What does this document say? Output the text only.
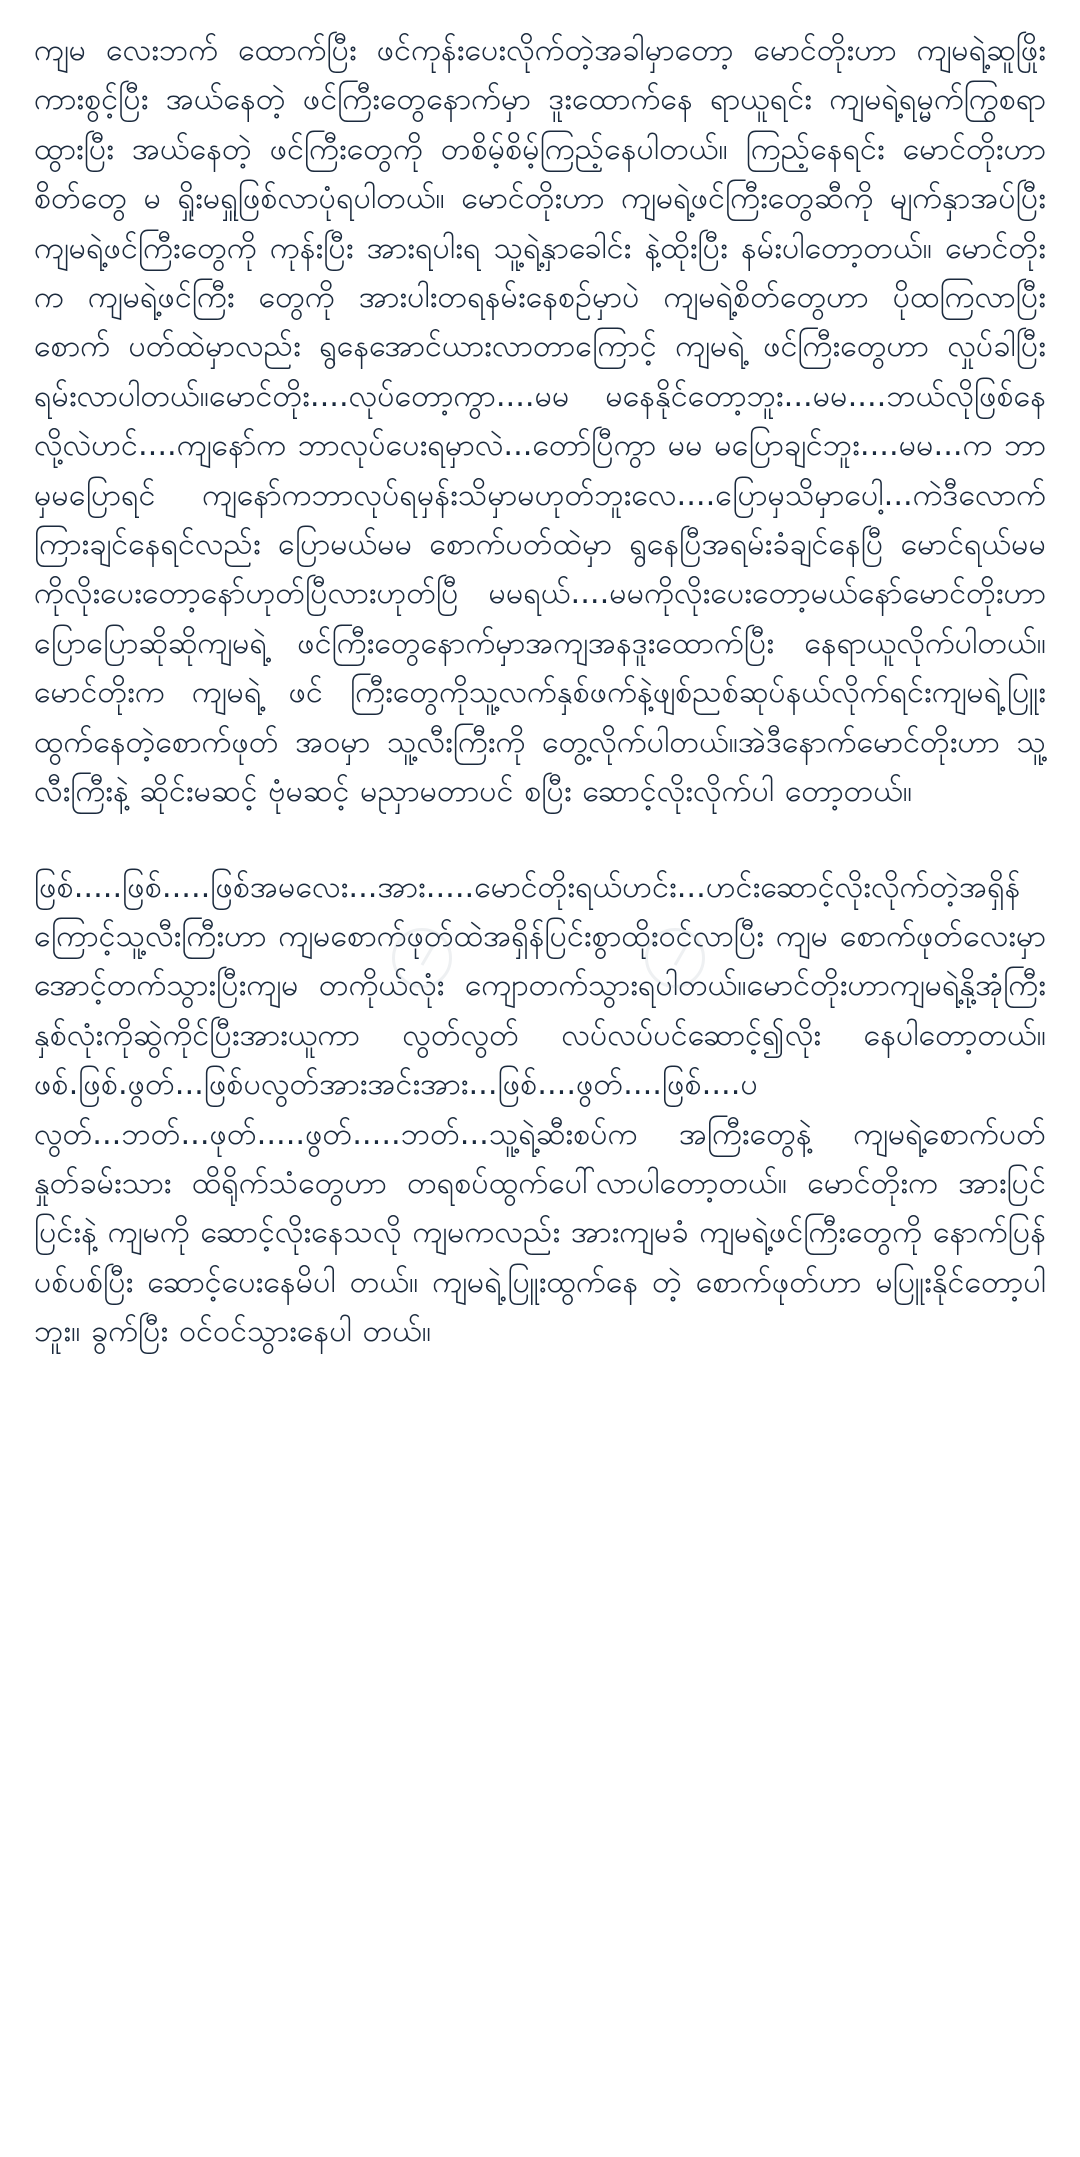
ကျမ လေးဘက် ထောက်ပြီး ဖင်ကုန်းပေးလိုက်တဲ့အခါမှာတော့ မောင်တိုးဟာ ကျမရဲ့ဆူဖြိုးကားစွင့်ပြီး အယ်နေတဲ့ ဖင်ကြီးတွေနောက်မှာ ဒူးထောက်နေ ရာယူရင်း ကျမရဲ့ရမ္မက်ကြွစရာ ထွားပြီး အယ်နေတဲ့ ဖင်ကြီးတွေကို တစိမ့်စိမ့်ကြည့်နေပါတယ်။ ကြည့်နေရင်း မောင်တိုးဟာ စိတ်တွေ မ ရှိုးမရှူဖြစ်လာပုံရပါတယ်။ မောင်တိုးဟာ ကျမရဲ့ဖင်ကြီးတွေဆီကို မျက်နှာအပ်ပြီး ကျမရဲ့ဖင်ကြီးတွေကို ကုန်းပြီး အားရပါးရ သူ့ရဲ့နှာခေါင်း နဲ့ထိုးပြီး နမ်းပါတော့တယ်။ မောင်တိုးက ကျမရဲ့ဖင်ကြီး တွေကို အားပါးတရနမ်းနေစဉ်မှာပဲ ကျမရဲ့စိတ်တွေဟာ ပိုထကြလာပြီး စောက် ပတ်ထဲမှာလည်း ရွနေအောင်ယားလာတာကြောင့် ကျမရဲ့ ဖင်ကြီးတွေဟာ လှုပ်ခါပြီးရမ်းလာပါတယ်။မောင်တိုး....လုပ်တော့ကွာ....မမ မနေနိုင်တော့ဘူး...မမ....ဘယ်လိုဖြစ်နေလို့လဲဟင်....ကျနော်က ဘာလုပ်ပေးရမှာလဲ...တော်ပြီကွာ မမ မပြောချင်ဘူး....မမ...က ဘာမှမပြောရင် ကျနော်ကဘာလုပ်ရမှန်းသိမှာမဟုတ်ဘူးလေ....ပြောမှသိမှာပေါ့...ကဲဒီလောက်ကြားချင်နေရင်လည်း ပြောမယ်မမ စောက်ပတ်ထဲမှာ ရွနေပြီအရမ်းခံချင်နေပြီ မောင်ရယ်မမကိုလိုးပေးတော့နော်ဟုတ်ပြီလားဟုတ်ပြီ မမရယ်....မမကိုလိုးပေးတော့မယ်နော်မောင်တိုးဟာ ပြောပြောဆိုဆိုကျမရဲ့ ဖင်ကြီးတွေနောက်မှာအကျအနဒူးထောက်ပြီး နေရာယူလိုက်ပါတယ်။ မောင်တိုးက ကျမရဲ့ ဖင် ကြီးတွေကိုသူ့လက်နှစ်ဖက်နဲ့ဖျစ်ညစ်ဆုပ်နယ်လိုက်ရင်းကျမရဲ့ပြူးထွက်နေတဲ့စောက်ဖုတ် အဝမှာ သူ့လီးကြီးကို တွေ့လိုက်ပါတယ်။အဲဒီနောက်မောင်တိုးဟာ သူ့ လီးကြီးနဲ့ ဆိုင်းမဆင့် ဗုံမဆင့် မညှာမတာပင် စပြီး ဆောင့်လိုးလိုက်ပါ တော့တယ်။

ဖြစ်.....ဖြစ်.....ဖြစ်အမလေး...အား.....မောင်တိုးရယ်ဟင်း...ဟင်းဆောင့်လိုးလိုက်တဲ့အရှိန်ကြောင့်သူ့လီးကြီးဟာ ကျမစောက်ဖုတ်ထဲအရှိန်ပြင်းစွာထိုးဝင်လာပြီး ကျမ စောက်ဖုတ်လေးမှာ အောင့်တက်သွားပြီးကျမ တကိုယ်လုံး ကျောတက်သွားရပါတယ်။မောင်တိုးဟာကျမရဲ့နို့အုံကြီး နှစ်လုံးကိုဆွဲကိုင်ပြီးအားယူကာ လွတ်လွတ် လပ်လပ်ပင်ဆောင့်၍လိုး နေပါတော့တယ်။ဖစ်.ဖြစ်.ဖွတ်...ဖြစ်ပလွတ်အားအင်းအား...ဖြစ်....ဖွတ်....ဖြစ်....ပလွတ်...ဘတ်...ဖုတ်.....ဖွတ်.....ဘတ်...သူ့ရဲ့ဆီးစပ်က အကြီးတွေနဲ့ ကျမရဲ့စောက်ပတ်နှုတ်ခမ်းသား ထိရိုက်သံတွေဟာ တရစပ်ထွက်ပေါ်လာပါတော့တယ်။ မောင်တိုးက အားပြင်ပြင်းနဲ့ ကျမကို ဆောင့်လိုးနေသလို ကျမကလည်း အားကျမခံ ကျမရဲ့ဖင်ကြီးတွေကို နောက်ပြန်ပစ်ပစ်ပြီး ဆောင့်ပေးနေမိပါ တယ်။ ကျမရဲ့ပြူးထွက်နေ တဲ့ စောက်ဖုတ်ဟာ မပြူးနိုင်တော့ပါဘူး။ ခွက်ပြီး ဝင်ဝင်သွားနေပါ တယ်။
